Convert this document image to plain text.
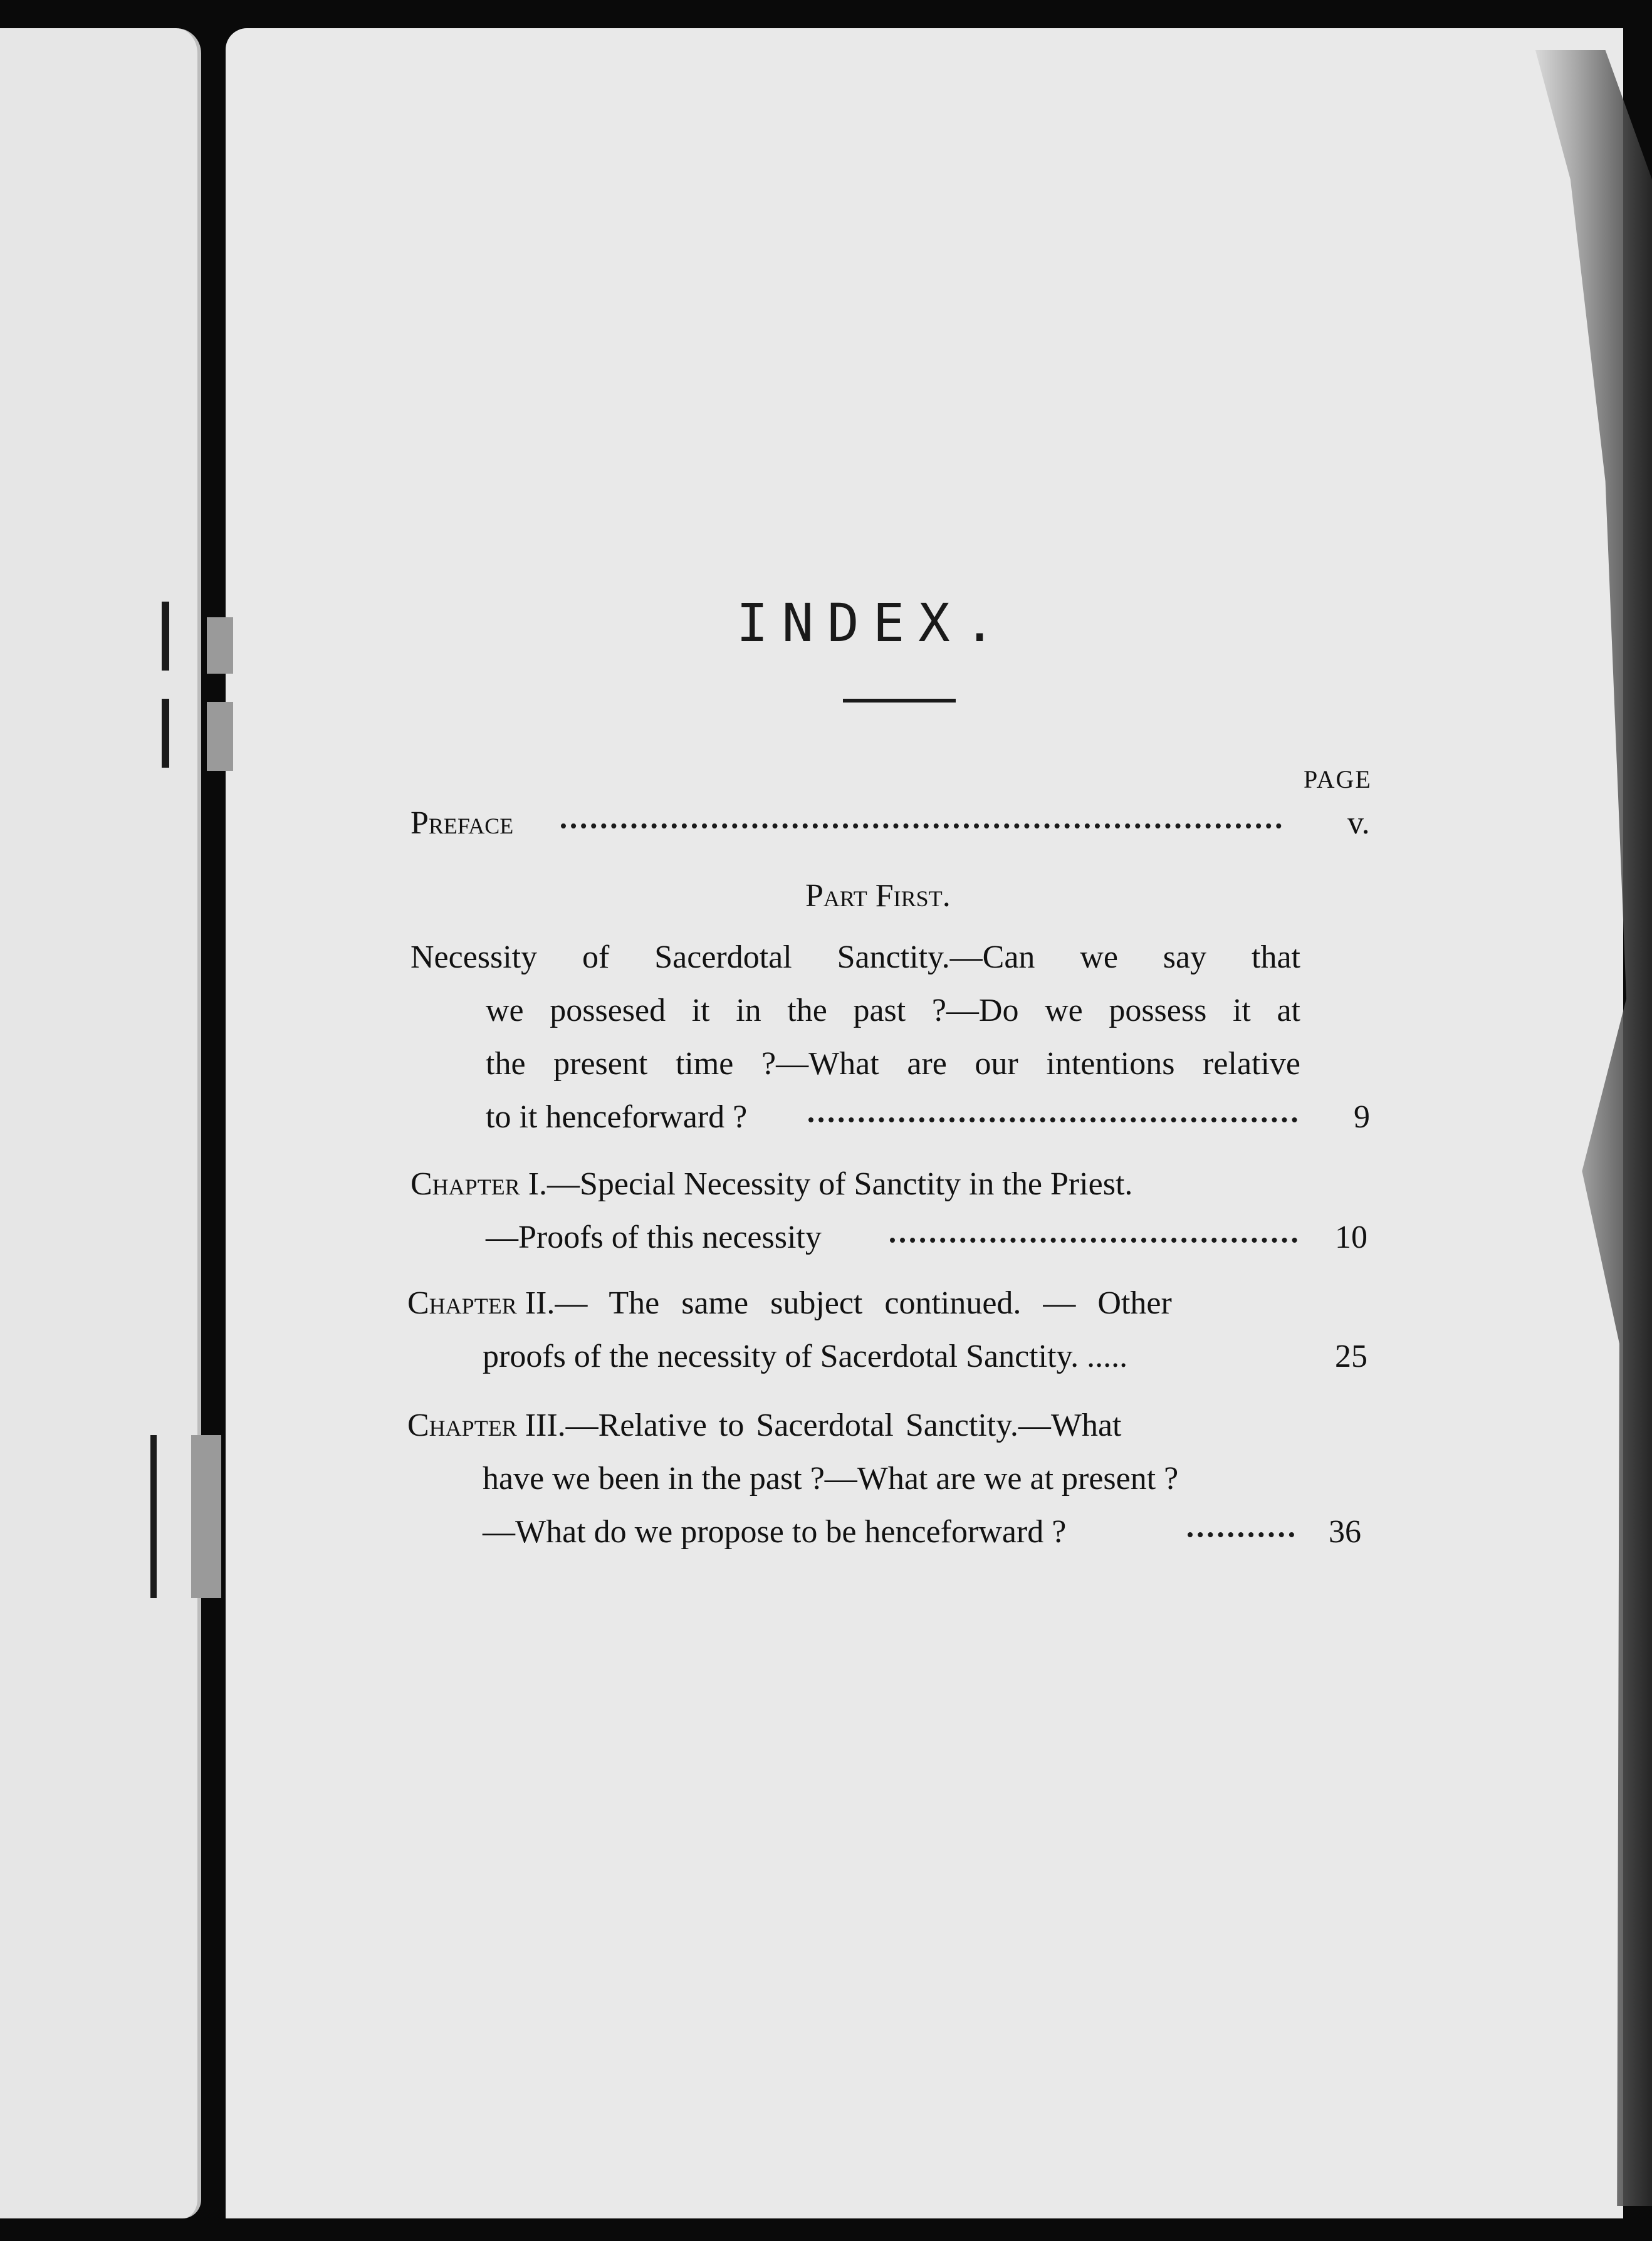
INDEX.
PAGE
Preface	v.
Part First.
Necessity of Sacerdotal Sanctity.—Can we say that
we possesed it in the past ?—Do we possess it at
the present time ?—What are our intentions relative
to it henceforward ?	9
Chapter I.—Special Necessity of Sanctity in the Priest.
—Proofs of this necessity	10
Chapter II.— The same subject continued. — Other
proofs of the necessity of Sacerdotal Sanctity. .....	25
Chapter III.—Relative to Sacerdotal Sanctity.—What
have we been in the past ?—What are we at present ?
—What do we propose to be henceforward ?	36
